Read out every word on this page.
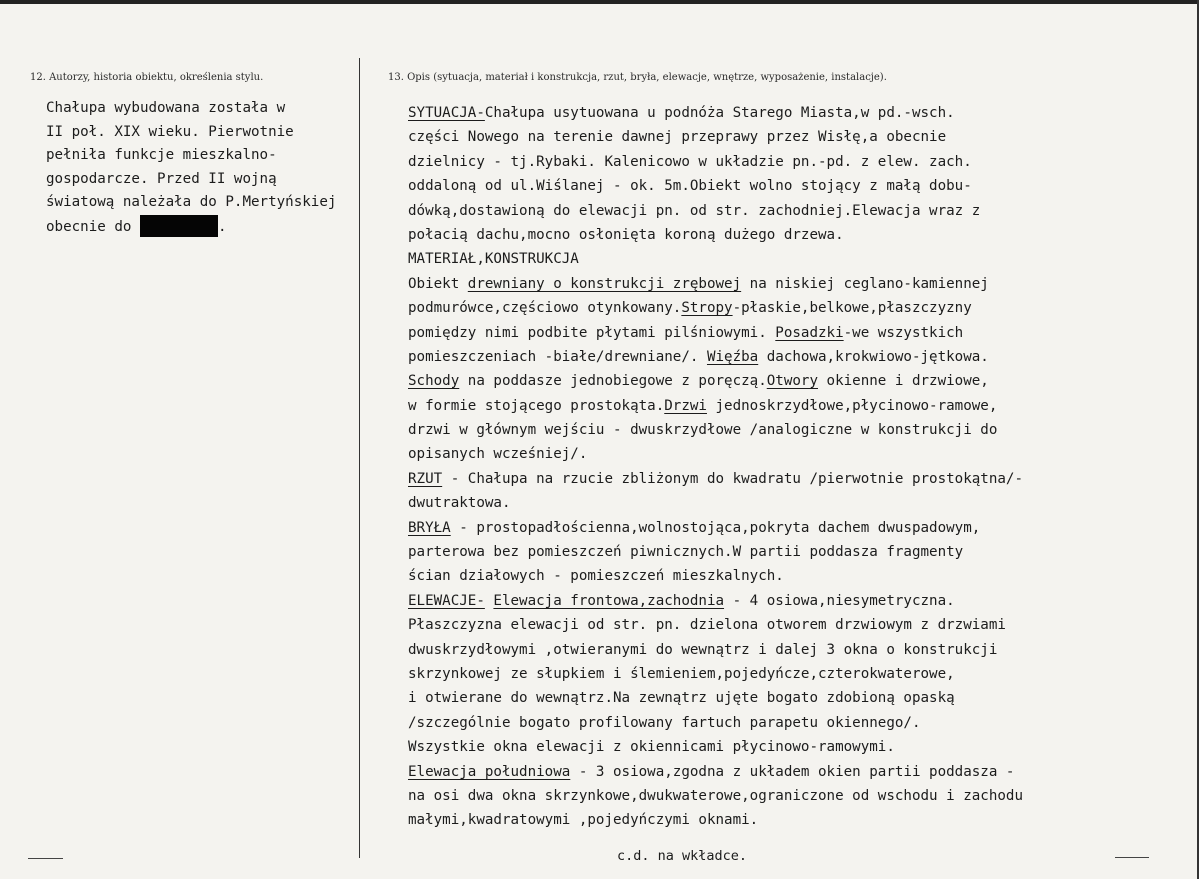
12. Autorzy, historia obiektu, określenia stylu.	13. Opis (sytuacja, materiał i konstrukcja, rzut, bryła, elewacje, wnętrze, wyposażenie, instalacje).
Chałupa wybudowana została w
II poł. XIX wieku. Pierwotnie
pełniła funkcje mieszkalno-
gospodarcze. Przed II wojną
światową należała do P.Mertyńskiej
obecnie do	.
SYTUACJA-Chałupa usytuowana u podnóża Starego Miasta,w pd.-wsch.
części Nowego na terenie dawnej przeprawy przez Wisłę,a obecnie
dzielnicy - tj.Rybaki. Kalenicowo w układzie pn.-pd. z elew. zach.
oddaloną od ul.Wiślanej - ok. 5m.Obiekt wolno stojący z małą dobu-
dówką,dostawioną do elewacji pn. od str. zachodniej.Elewacja wraz z
połacią dachu,mocno osłonięta koroną dużego drzewa.
MATERIAŁ,KONSTRUKCJA
Obiekt drewniany o konstrukcji zrębowej na niskiej ceglano-kamiennej
podmurówce,częściowo otynkowany.Stropy-płaskie,belkowe,płaszczyzny
pomiędzy nimi podbite płytami pilśniowymi. Posadzki-we wszystkich
pomieszczeniach -białe/drewniane/. Więźba dachowa,krokwiowo-jętkowa.
Schody na poddasze jednobiegowe z poręczą.Otwory okienne i drzwiowe,
w formie stojącego prostokąta.Drzwi jednoskrzydłowe,płycinowo-ramowe,
drzwi w głównym wejściu - dwuskrzydłowe /analogiczne w konstrukcji do
opisanych wcześniej/.
RZUT - Chałupa na rzucie zbliżonym do kwadratu /pierwotnie prostokątna/-
dwutraktowa.
BRYŁA - prostopadłościenna,wolnostojąca,pokryta dachem dwuspadowym,
parterowa bez pomieszczeń piwnicznych.W partii poddasza fragmenty
ścian działowych - pomieszczeń mieszkalnych.
ELEWACJE- Elewacja frontowa,zachodnia - 4 osiowa,niesymetryczna.
Płaszczyzna elewacji od str. pn. dzielona otworem drzwiowym z drzwiami
dwuskrzydłowymi ,otwieranymi do wewnątrz i dalej 3 okna o konstrukcji
skrzynkowej ze słupkiem i ślemieniem,pojedyńcze,czterokwaterowe,
i otwierane do wewnątrz.Na zewnątrz ujęte bogato zdobioną opaską
/szczególnie bogato profilowany fartuch parapetu okiennego/.
Wszystkie okna elewacji z okiennicami płycinowo-ramowymi.
Elewacja południowa - 3 osiowa,zgodna z układem okien partii poddasza -
na osi dwa okna skrzynkowe,dwukwaterowe,ograniczone od wschodu i zachodu
małymi,kwadratowymi ,pojedyńczymi oknami.
c.d. na wkładce.
